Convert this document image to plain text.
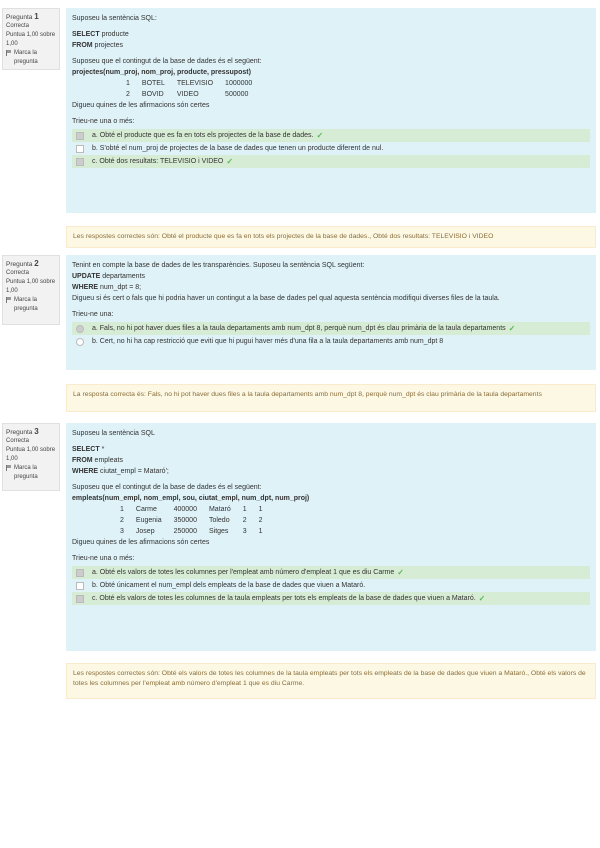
Pregunta 1
Correcta
Puntua 1,00 sobre 1,00
Marca la pregunta

Suposeu la sentència SQL:

SELECT producte

FROM projectes

Suposeu que el contingut de la base de dades és el següent:

projectes(num_proj, nom_proj, producte, pressupost)

1	BOTEL	TELEVISIO	1000000
2	BOVID	VIDEO	500000

Digueu quines de les afirmacions són certes

Trieu-ne una o més:

a. Obté el producte que es fa en tots els projectes de la base de dades. ✓
b. S'obté el num_proj de projectes de la base de dades que tenen un producte diferent de nul.
c. Obté dos resultats: TELEVISIO i VIDEO ✓
Les respostes correctes són: Obté el producte que es fa en tots els projectes de la base de dades., Obté dos resultats: TELEVISIO i VIDEO
Pregunta 2
Correcta
Puntua 1,00 sobre 1,00
Marca la pregunta

Tenint en compte la base de dades de les transparències. Suposeu la sentència SQL següent:

UPDATE departaments

WHERE num_dpt = 8;

Digueu si és cert o fals que hi podria haver un contingut a la base de dades pel qual aquesta sentència modifiqui diverses files de la taula.

Trieu-ne una:

a. Fals, no hi pot haver dues files a la taula departaments amb num_dpt 8, perquè num_dpt és clau primària de la taula departaments ✓
b. Cert, no hi ha cap restricció que eviti que hi pugui haver més d'una fila a la taula departaments amb num_dpt 8
La resposta correcta és: Fals, no hi pot haver dues files a la taula departaments amb num_dpt 8, perquè num_dpt és clau primària de la taula departaments
Pregunta 3
Correcta
Puntua 1,00 sobre 1,00
Marca la pregunta

Suposeu la sentència SQL

SELECT *

FROM empleats

WHERE ciutat_empl = Mataró';

Suposeu que el contingut de la base de dades és el següent:

empleats(num_empl, nom_empl, sou, ciutat_empl, num_dpt, num_proj)

1	Carme	400000	Mataró	1	1
2	Eugenia	350000	Toledo	2	2
3	Josep	250000	Sitges	3	1

Digueu quines de les afirmacions són certes

Trieu-ne una o més:

a. Obté els valors de totes les columnes per l'empleat amb número d'empleat 1 que es diu Carme ✓
b. Obté únicament el num_empl dels empleats de la base de dades que viuen a Mataró.
c. Obté els valors de totes les columnes de la taula empleats per tots els empleats de la base de dades que viuen a Mataró. ✓
Les respostes correctes són: Obté els valors de totes les columnes de la taula empleats per tots els empleats de la base de dades que viuen a Mataró., Obté els valors de totes les columnes per l'empleat amb número d'empleat 1 que es diu Carme.
